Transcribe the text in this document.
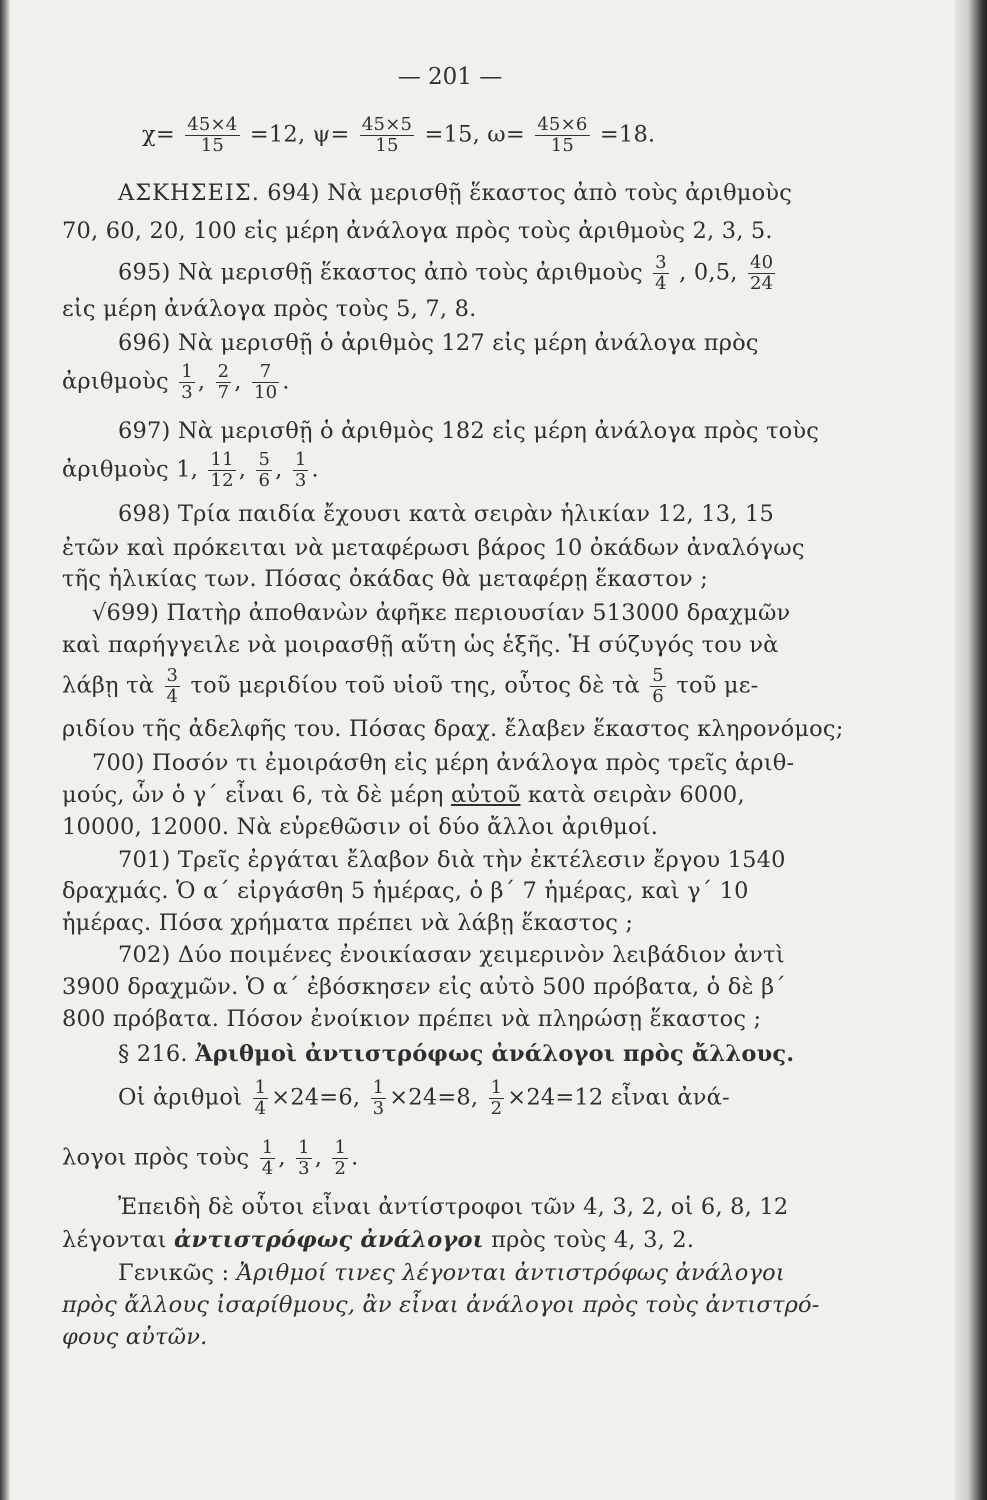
— 201 —
$\chi= \frac{45\times 4}{15} =12$, $\psi= \frac{45\times 5}{15} =15$, $\omega= \frac{45\times 6}{15} =18$.
ΑΣΚΗΣΕΙΣ. 694) Νὰ μερισθῇ ἕκαστος ἀπὸ τοὺς ἀριθμοὺς
70, 60, 20, 100 εἰς μέρη ἀνάλογα πρὸς τοὺς ἀριθμοὺς 2, 3, 5.
695) Νὰ μερισθῇ ἕκαστος ἀπὸ τοὺς ἀριθμοὺς $\frac{3}{4}$ , 0,5, $\frac{40}{24}$
εἰς μέρη ἀνάλογα πρὸς τοὺς 5, 7, 8.
696) Νὰ μερισθῇ ὁ ἀριθμὸς 127 εἰς μέρη ἀνάλογα πρὸς
ἀριθμοὺς $\frac{1}{3}$ , $\frac{2}{7}$ , $\frac{7}{10}$ .
697) Νὰ μερισθῇ ὁ ἀριθμὸς 182 εἰς μέρη ἀνάλογα πρὸς τοὺς
ἀριθμοὺς 1, $\frac{11}{12}$ , $\frac{5}{6}$ , $\frac{1}{3}$ .
698) Τρία παιδία ἔχουσι κατὰ σειρὰν ἡλικίαν 12, 13, 15
ἐτῶν καὶ πρόκειται νὰ μεταφέρωσι βάρος 10 ὀκάδων ἀναλόγως
τῆς ἡλικίας των. Πόσας ὀκάδας θὰ μεταφέρῃ ἕκαστον ;
√699) Πατὴρ ἀποθανὼν ἀφῆκε περιουσίαν 513000 δραχμῶν
καὶ παρήγγειλε νὰ μοιρασθῇ αὕτη ὡς ἑξῆς. Ἡ σύζυγός του νὰ
λάβῃ τὰ $\frac{3}{4}$ τοῦ μεριδίου τοῦ υἱοῦ της, οὗτος δὲ τὰ $\frac{5}{6}$ τοῦ με-
ριδίου τῆς ἀδελφῆς του. Πόσας δραχ. ἔλαβεν ἕκαστος κληρονόμος;
700) Ποσόν τι ἐμοιράσθη εἰς μέρη ἀνάλογα πρὸς τρεῖς ἀριθ-
μούς, ὧν ὁ γ΄ εἶναι 6, τὰ δὲ μέρη αὐτοῦ κατὰ σειρὰν 6000,
10000, 12000. Νὰ εὑρεθῶσιν οἱ δύο ἄλλοι ἀριθμοί.
701) Τρεῖς ἐργάται ἔλαβον διὰ τὴν ἐκτέλεσιν ἔργου 1540
δραχμάς. Ὁ α΄ εἰργάσθη 5 ἡμέρας, ὁ β΄ 7 ἡμέρας, καὶ γ΄ 10
ἡμέρας. Πόσα χρήματα πρέπει νὰ λάβῃ ἕκαστος ;
702) Δύο ποιμένες ἐνοικίασαν χειμερινὸν λειβάδιον ἀντὶ
3900 δραχμῶν. Ὁ α΄ ἐβόσκησεν εἰς αὐτὸ 500 πρόβατα, ὁ δὲ β΄
800 πρόβατα. Πόσον ἐνοίκιον πρέπει νὰ πληρώσῃ ἕκαστος ;
§ 216. Ἀριθμοὶ ἀντιστρόφως ἀνάλογοι πρὸς ἄλλους.
Οἱ ἀριθμοὶ $\frac{1}{4} \times 24=6$, $\frac{1}{3} \times 24=8$, $\frac{1}{2} \times 24=12$ εἶναι ἀνά-
λογοι πρὸς τοὺς $\frac{1}{4}$ , $\frac{1}{3}$ , $\frac{1}{2}$ .
Ἐπειδὴ δὲ οὗτοι εἶναι ἀντίστροφοι τῶν 4, 3, 2, οἱ 6, 8, 12
λέγονται ἀντιστρόφως ἀνάλογοι πρὸς τοὺς 4, 3, 2.
Γενικῶς : Ἀριθμοί τινες λέγονται ἀντιστρόφως ἀνάλογοι
πρὸς ἄλλους ἰσαρίθμους, ἂν εἶναι ἀνάλογοι πρὸς τοὺς ἀντιστρό-
φους αὐτῶν.
